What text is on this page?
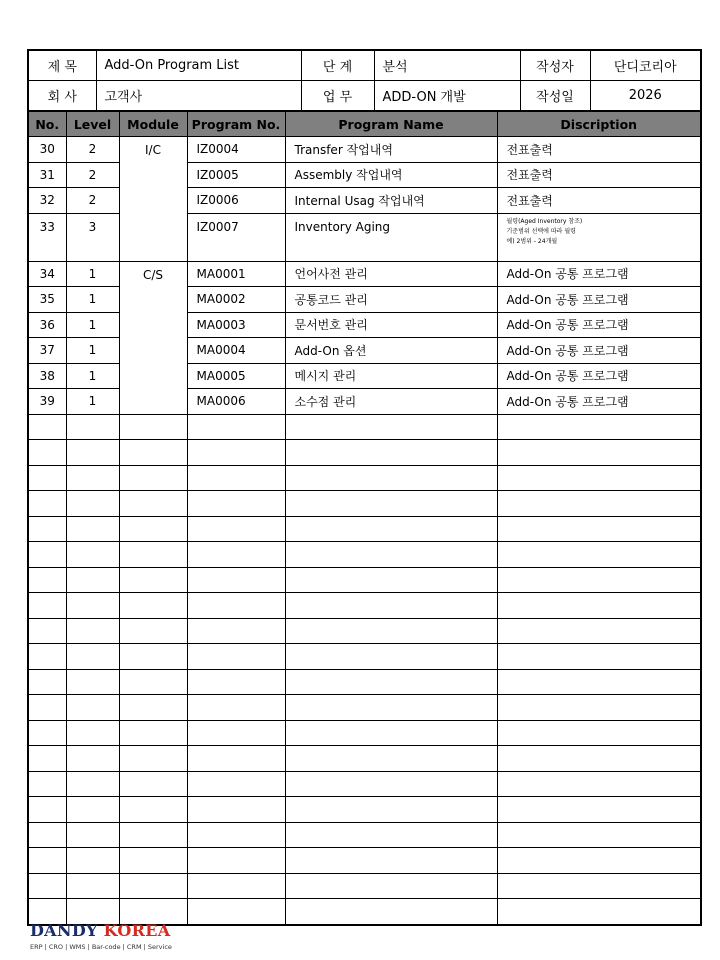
제 목	Add-On Program List	단 계	분석	작성자	단디코리아
회 사	고객사	업 무	ADD-ON 개발	작성일	2026
No.	Level	Module	Program No.	Program Name	Discription
30	2	I/C	IZ0004	Transfer 작업내역	전표출력
31	2		IZ0005	Assembly 작업내역	전표출력
32	2		IZ0006	Internal Usag 작업내역	전표출력
33	3		IZ0007	Inventory Aging	월령(Aged Inventory 참조)
기준범위 선택에 따라 월령
예) 2범위 - 24개월

34	1	C/S	MA0001	언어사전 관리	Add-On 공통 프로그램
35	1		MA0002	공통코드 관리	Add-On 공통 프로그램
36	1		MA0003	문서번호 관리	Add-On 공통 프로그램
37	1		MA0004	Add-On 옵션	Add-On 공통 프로그램
38	1		MA0005	메시지 관리	Add-On 공통 프로그램
39	1		MA0006	소수점 관리	Add-On 공통 프로그램

DANDY KOREA
ERP | CRO | WMS | Bar-code | CRM | Service
